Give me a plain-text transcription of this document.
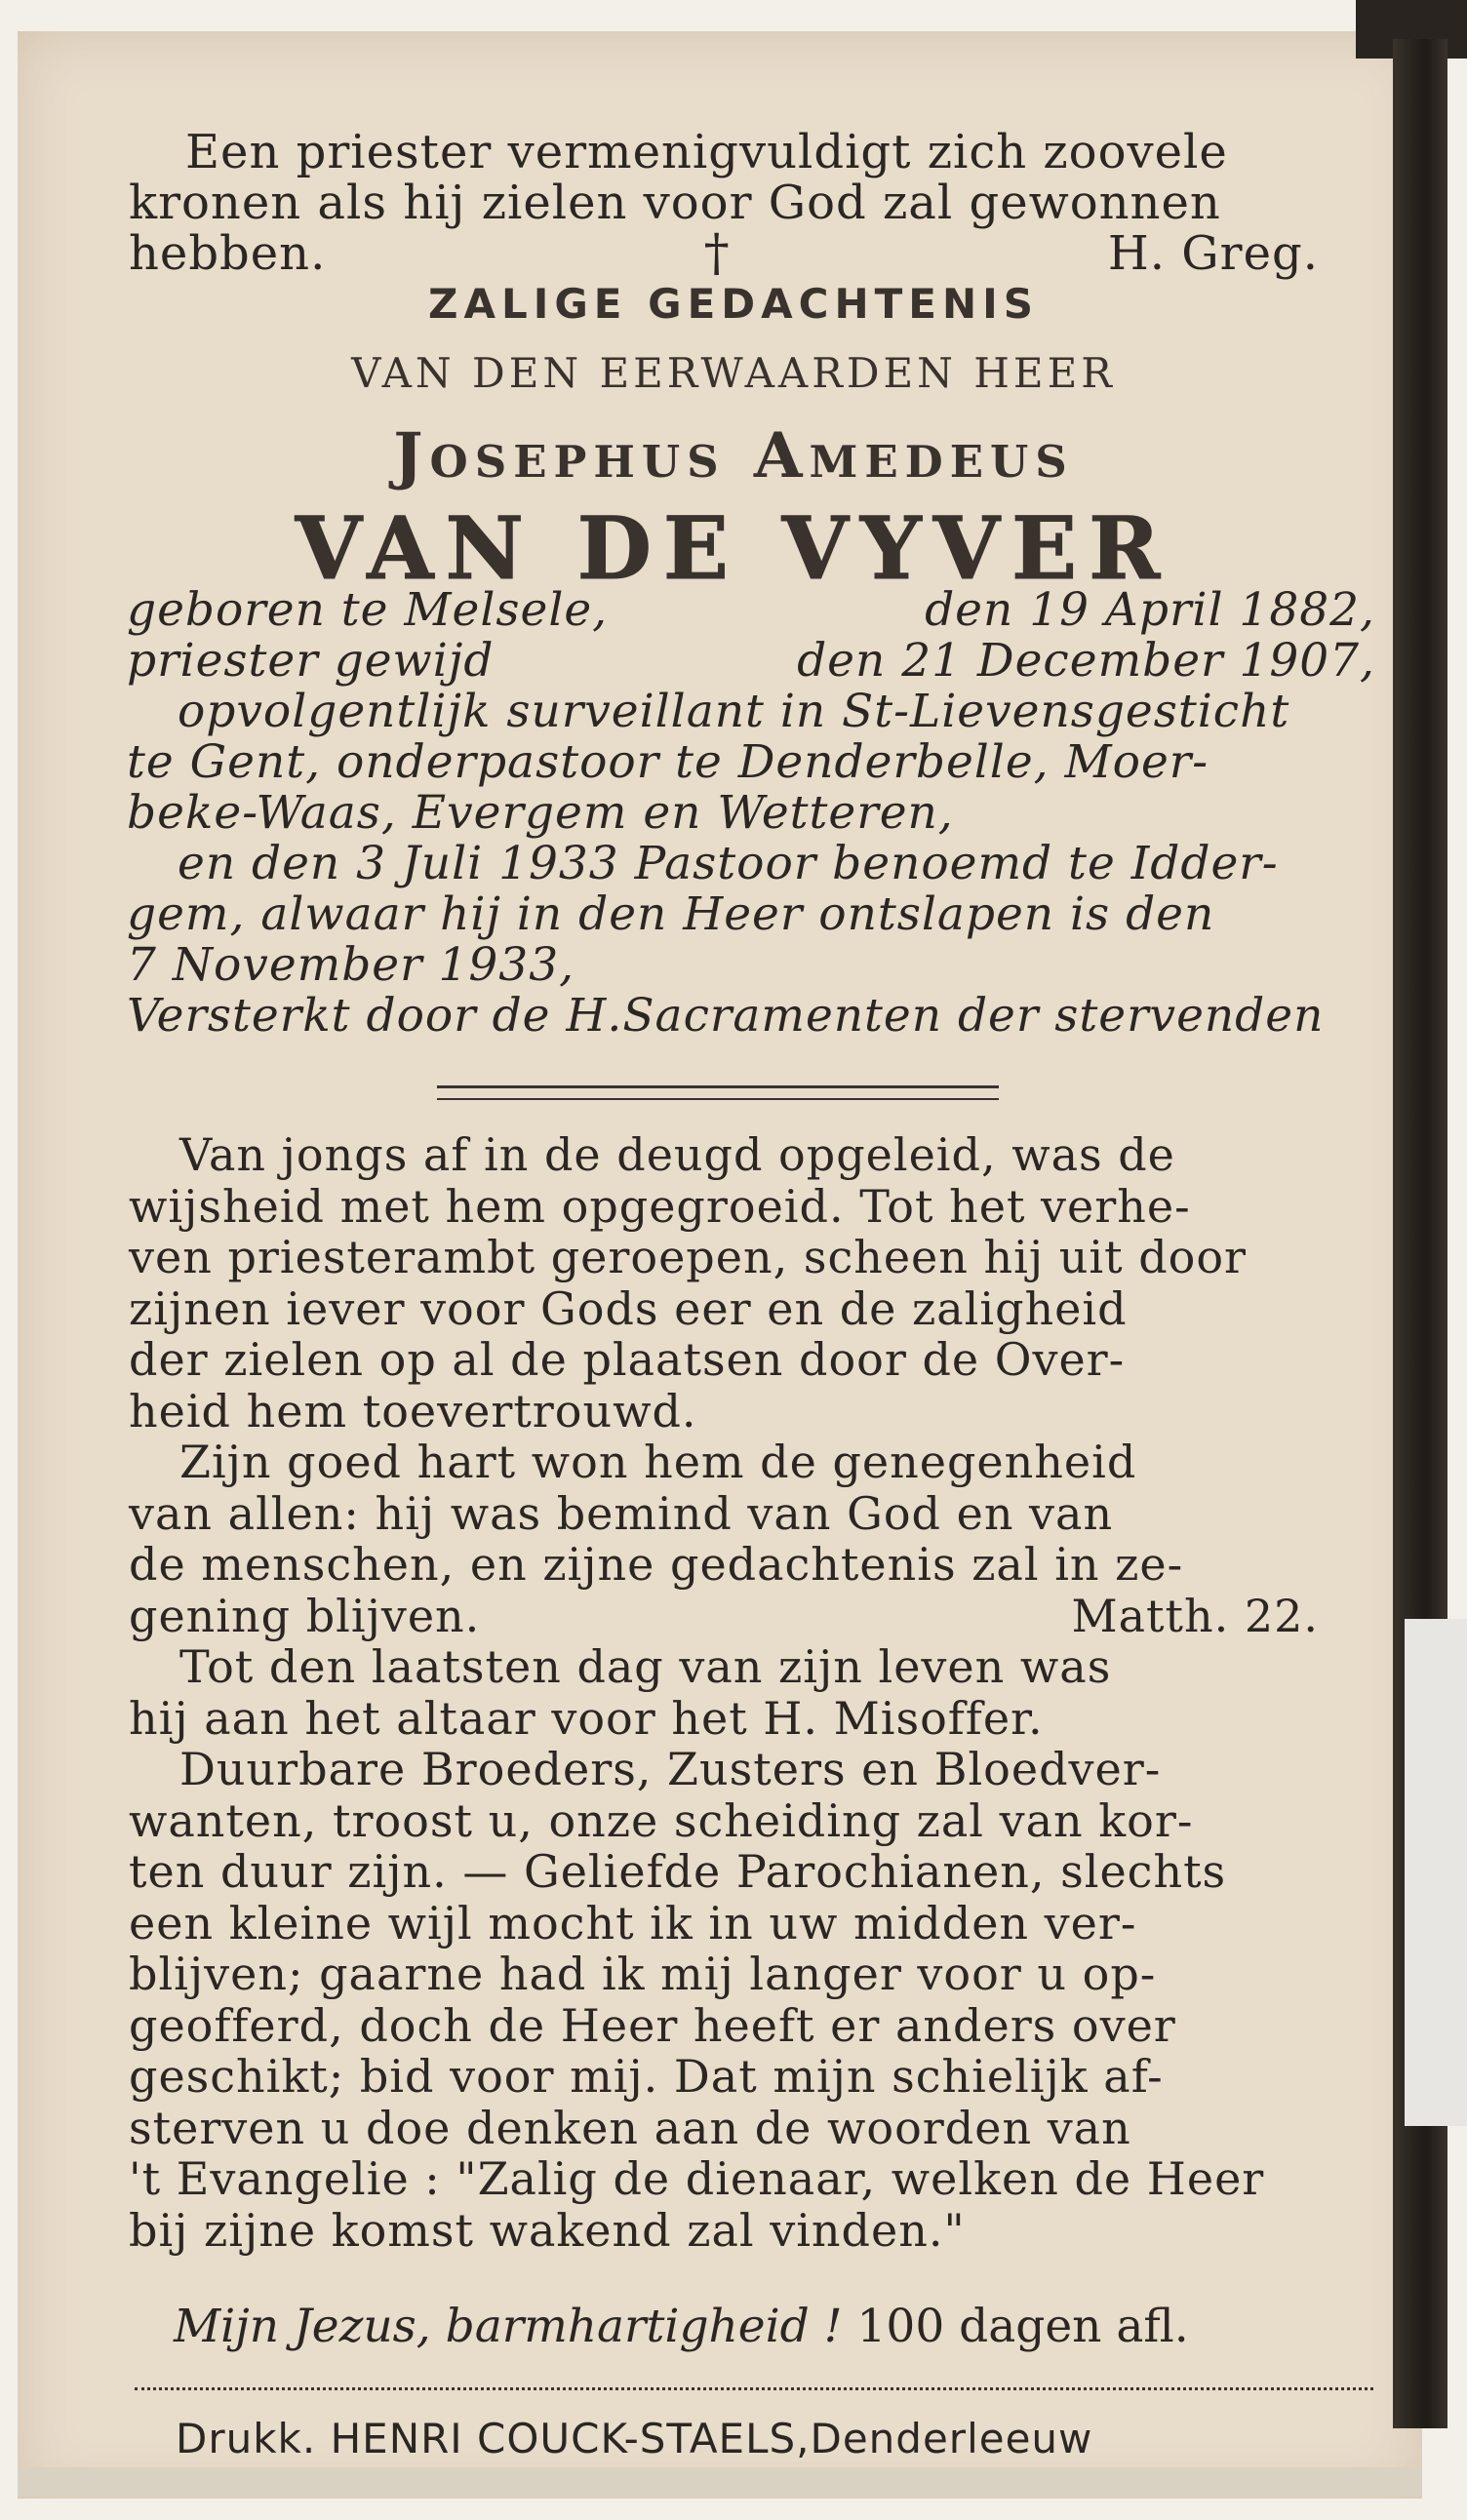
Een priester vermenigvuldigt zich zoovele
kronen als hij zielen voor God zal gewonnen
hebben.	†	H. Greg.
ZALIGE GEDACHTENIS
VAN DEN EERWAARDEN HEER
Josephus Amedeus
VAN DE VYVER
geboren te Melsele,	den 19 April 1882,
priester gewijd	den 21 December 1907,
opvolgentlijk surveillant in St-Lievensgesticht
te Gent, onderpastoor te Denderbelle, Moer-
beke-Waas, Evergem en Wetteren,
en den 3 Juli 1933 Pastoor benoemd te Idder-
gem, alwaar hij in den Heer ontslapen is den
7 November 1933,
Versterkt door de H.Sacramenten der stervenden
Van jongs af in de deugd opgeleid, was de
wijsheid met hem opgegroeid. Tot het verhe-
ven priesterambt geroepen, scheen hij uit door
zijnen iever voor Gods eer en de zaligheid
der zielen op al de plaatsen door de Over-
heid hem toevertrouwd.
Zijn goed hart won hem de genegenheid
van allen: hij was bemind van God en van
de menschen, en zijne gedachtenis zal in ze-
gening blijven.	Matth. 22.
Tot den laatsten dag van zijn leven was
hij aan het altaar voor het H. Misoffer.
Duurbare Broeders, Zusters en Bloedver-
wanten, troost u, onze scheiding zal van kor-
ten duur zijn. — Geliefde Parochianen, slechts
een kleine wijl mocht ik in uw midden ver-
blijven; gaarne had ik mij langer voor u op-
geofferd, doch de Heer heeft er anders over
geschikt; bid voor mij. Dat mijn schielijk af-
sterven u doe denken aan de woorden van
't Evangelie : "Zalig de dienaar, welken de Heer
bij zijne komst wakend zal vinden."
Mijn Jezus, barmhartigheid ! 100 dagen afl.
Drukk. HENRI COUCK-STAELS,Denderleeuw
